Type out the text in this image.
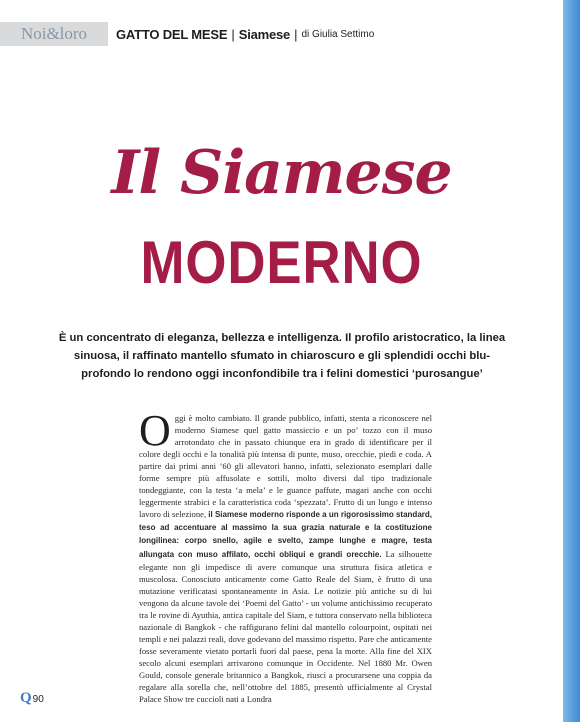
Noi&loro GATTO DEL MESE | Siamese | di Giulia Settimo
Il Siamese
MODERNO
È un concentrato di eleganza, bellezza e intelligenza. Il profilo aristocratico, la linea sinuosa, il raffinato mantello sfumato in chiaroscuro e gli splendidi occhi blu-profondo lo rendono oggi inconfondibile tra i felini domestici ‘purosangue’

Oggi è molto cambiato. Il grande pubblico, infatti, stenta a riconoscere nel moderno Siamese quel gatto massiccio e un po’ tozzo con il muso arrotondato che in passato chiunque era in grado di identificare per il colore degli occhi e la tonalità più intensa di punte, muso, orecchie, piedi e coda. A partire dai primi anni ’60 gli allevatori hanno, infatti, selezionato esemplari dalle forme sempre più affusolate e sottili, molto diversi dal tipo tradizionale tondeggiante, con la testa ‘a mela’ e le guance paffute, magari anche con occhi leggermente strabici e la caratteristica coda ‘spezzata’. Frutto di un lungo e intenso lavoro di selezione, il Siamese moderno risponde a un rigorosissimo standard, teso ad accentuare al massimo la sua grazia naturale e la costituzione longilinea: corpo snello, agile e svelto, zampe lunghe e magre, testa allungata con muso affilato, occhi obliqui e grandi orecchie. La silhouette elegante non gli impedisce di avere comunque una struttura fisica atletica e muscolosa. Conosciuto anticamente come Gatto Reale del Siam, è frutto di una mutazione verificatasi spontaneamente in Asia. Le notizie più antiche su di lui vengono da alcune tavole dei ‘Poemi del Gatto’ - un volume antichissimo recuperato tra le rovine di Ayuthia, antica capitale del Siam, e tuttora conservato nella biblioteca nazionale di Bangkok - che raffigurano felini dal mantello colourpoint, ospitati nei templi e nei palazzi reali, dove godevano del massimo rispetto. Pare che anticamente fosse severamente vietato portarli fuori dal paese, pena la morte. Alla fine del XIX secolo alcuni esemplari arrivarono comunque in Occidente. Nel 1880 Mr. Owen Gould, console generale britannico a Bangkok, riuscì a procurarsene una coppia da regalare alla sorella che, nell’ottobre del 1885, presentò ufficialmente al Crystal Palace Show tre cuccioli nati a Londra

Q 90
